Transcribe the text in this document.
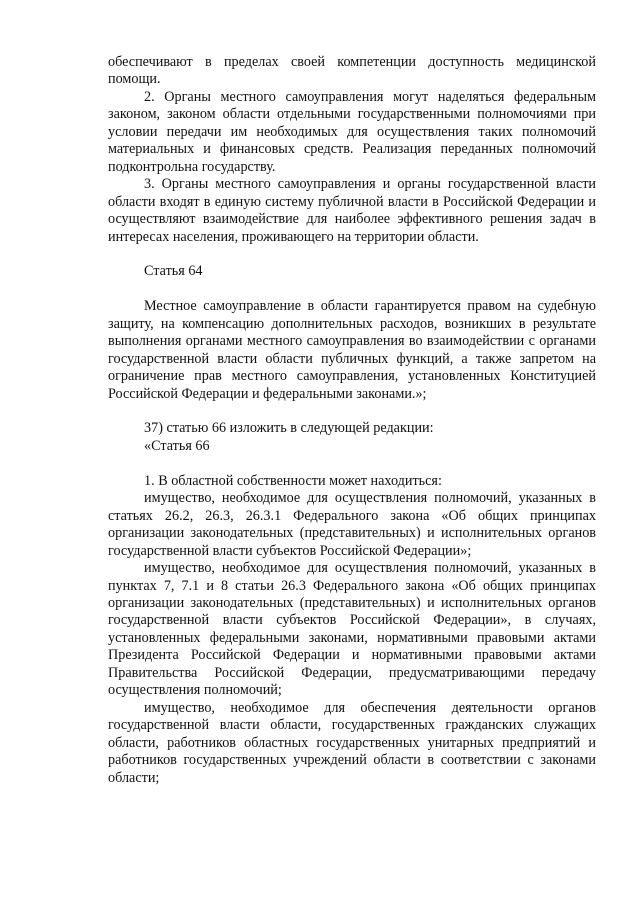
обеспечивают в пределах своей компетенции доступность медицинской помощи.

2. Органы местного самоуправления могут наделяться федеральным законом, законом области отдельными государственными полномочиями при условии передачи им необходимых для осуществления таких полномочий материальных и финансовых средств. Реализация переданных полномочий подконтрольна государству.

3. Органы местного самоуправления и органы государственной власти области входят в единую систему публичной власти в Российской Федерации и осуществляют взаимодействие для наиболее эффективного решения задач в интересах населения, проживающего на территории области.

Статья 64

Местное самоуправление в области гарантируется правом на судебную защиту, на компенсацию дополнительных расходов, возникших в результате выполнения органами местного самоуправления во взаимодействии с органами государственной власти области публичных функций, а также запретом на ограничение прав местного самоуправления, установленных Конституцией Российской Федерации и федеральными законами.»;

37) статью 66 изложить в следующей редакции:

«Статья 66

1. В областной собственности может находиться:

имущество, необходимое для осуществления полномочий, указанных в статьях 26.2, 26.3, 26.3.1 Федерального закона «Об общих принципах организации законодательных (представительных) и исполнительных органов государственной власти субъектов Российской Федерации»;

имущество, необходимое для осуществления полномочий, указанных в пунктах 7, 7.1 и 8 статьи 26.3 Федерального закона «Об общих принципах организации законодательных (представительных) и исполнительных органов государственной власти субъектов Российской Федерации», в случаях, установленных федеральными законами, нормативными правовыми актами Президента Российской Федерации и нормативными правовыми актами Правительства Российской Федерации, предусматривающими передачу осуществления полномочий;

имущество, необходимое для обеспечения деятельности органов государственной власти области, государственных гражданских служащих области, работников областных государственных унитарных предприятий и работников государственных учреждений области в соответствии с законами области;
